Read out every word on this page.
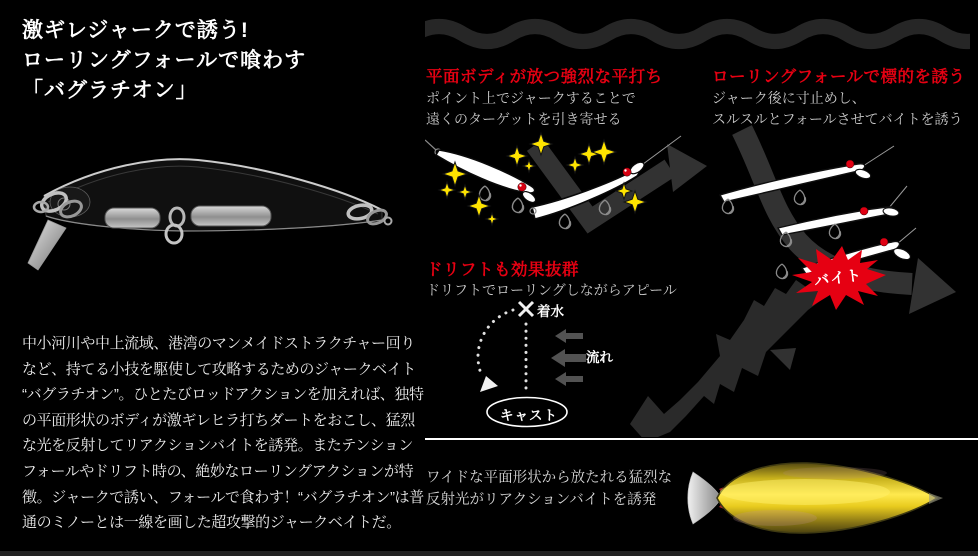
激ギレジャークで誘う!
ローリングフォールで喰わす
「バグラチオン」
中小河川や中上流域、港湾のマンメイドストラクチャー回り
など、持てる小技を駆使して攻略するためのジャークベイト
“バグラチオン”。ひとたびロッドアクションを加えれば、独特
の平面形状のボディが激ギレヒラ打ちダートをおこし、猛烈
な光を反射してリアクションバイトを誘発。またテンション
フォールやドリフト時の、絶妙なローリングアクションが特
徴。ジャークで誘い、フォールで食わす！“バグラチオン”は普
通のミノーとは一線を画した超攻撃的ジャークベイトだ。
平面ボディが放つ強烈な平打ち
ポイント上でジャークすることで
遠くのターゲットを引き寄せる
ドリフトも効果抜群
ドリフトでローリングしながらアピール
着水
流れ
キャスト
ローリングフォールで標的を誘う
ジャーク後に寸止めし、
スルスルとフォールさせてバイトを誘う
バイト
ワイドな平面形状から放たれる猛烈な
反射光がリアクションバイトを誘発
